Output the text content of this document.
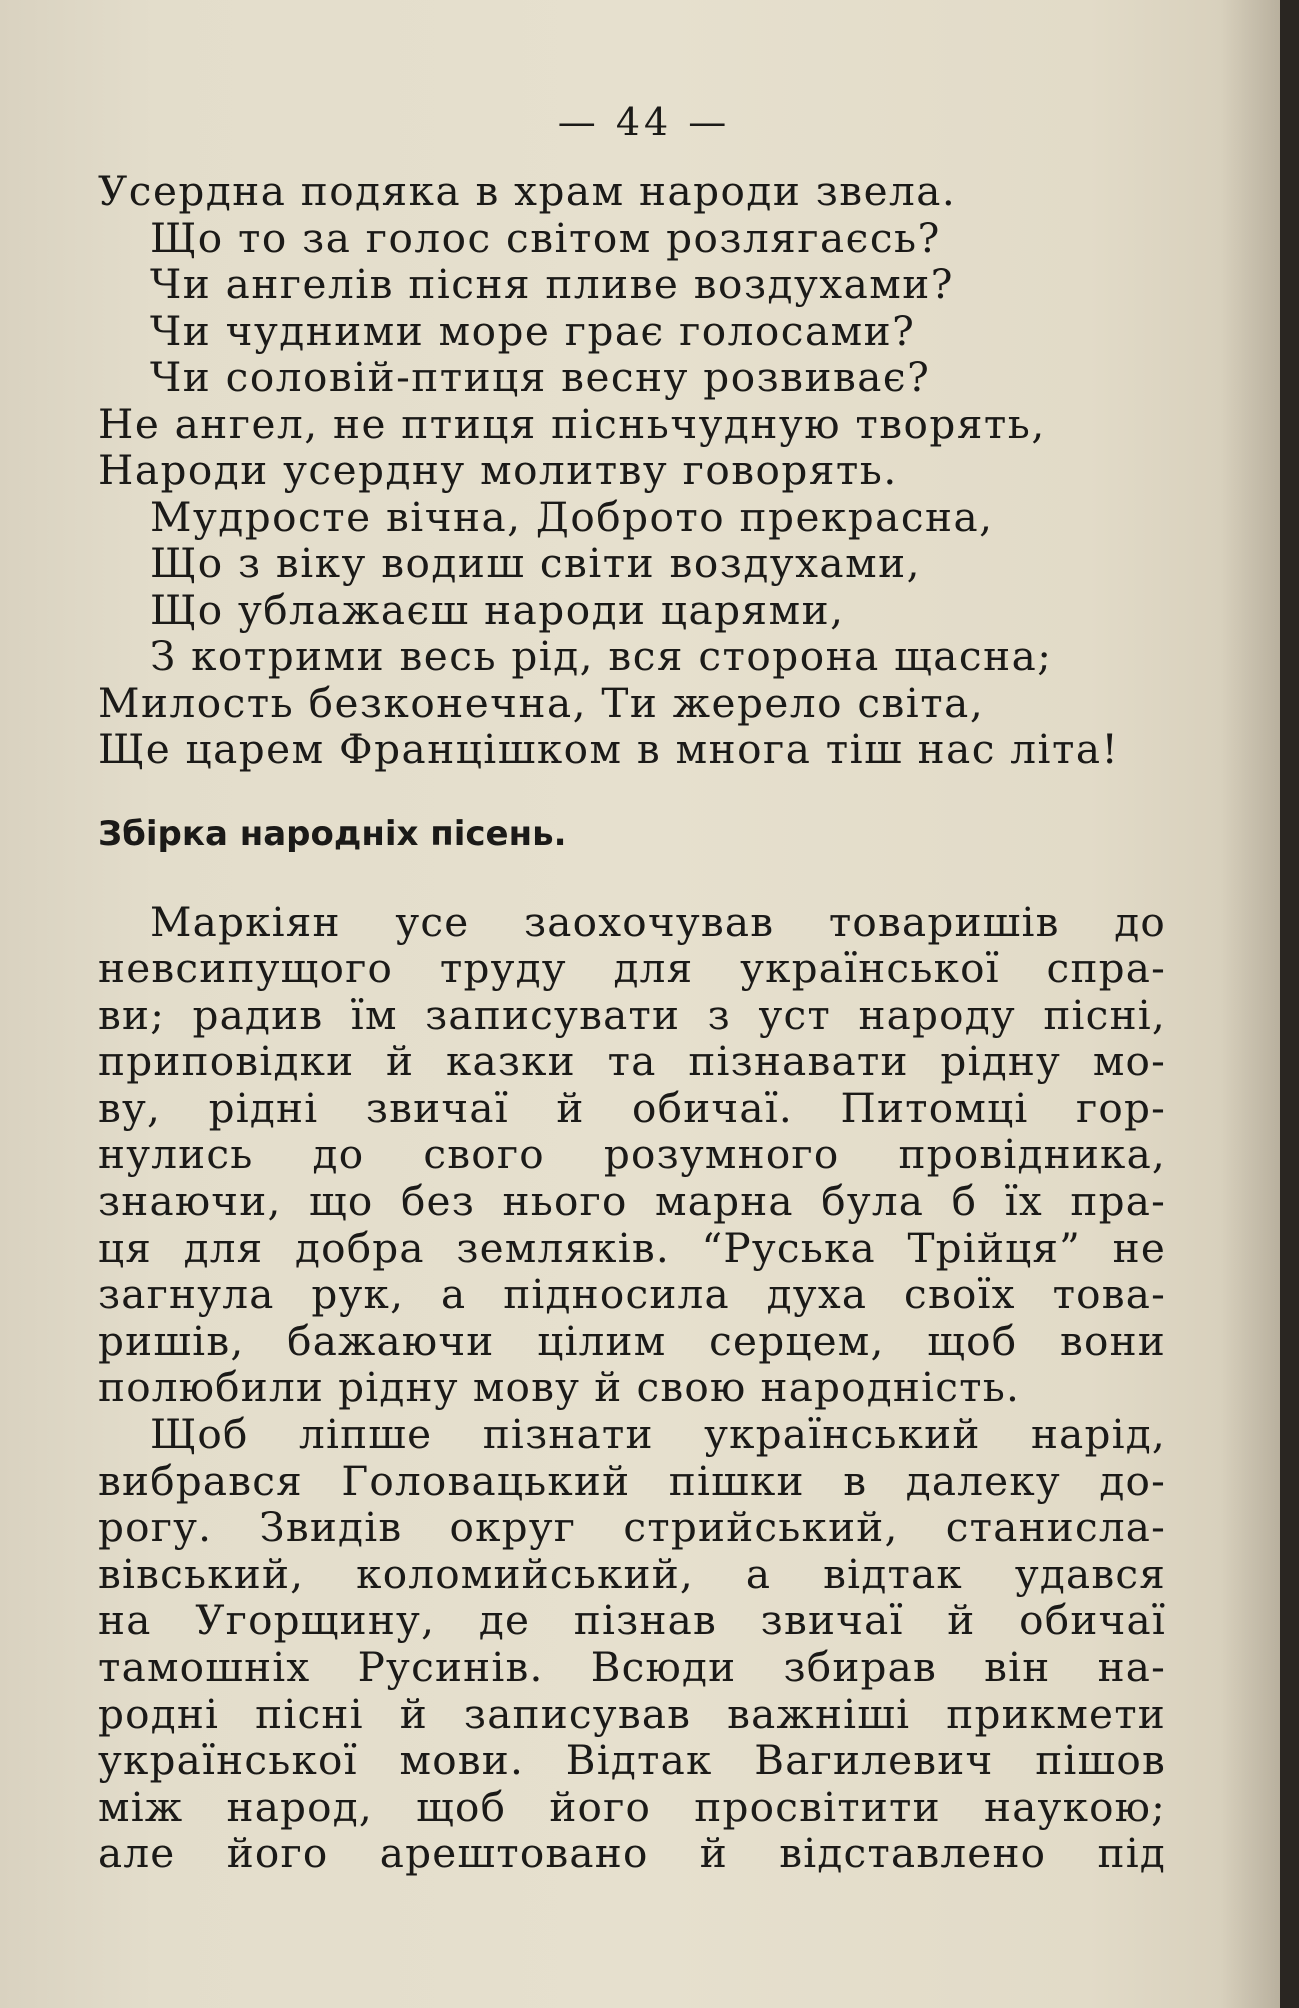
— 44 —
Усердна подяка в храм народи звела.
Що то за голос світом розлягаєсь?
Чи ангелів пісня пливе воздухами?
Чи чудними море грає голосами?
Чи соловій-птиця весну розвиває?
Не ангел, не птиця пісньчудную творять,
Народи усердну молитву говорять.
Мудросте вічна, Доброто прекрасна,
Що з віку водиш світи воздухами,
Що ублажаєш народи царями,
З котрими весь рід, вся сторона щасна;
Милость безконечна, Ти жерело світа,
Ще царем Францішком в многа тіш нас літа!
Збірка народніх пісень.
Маркіян усе заохочував товаришів до
невсипущого труду для української спра-
ви; радив їм записувати з уст народу пісні,
приповідки й казки та пізнавати рідну мо-
ву, рідні звичаї й обичаї. Питомці гор-
нулись до свого розумного провідника,
знаючи, що без нього марна була б їх пра-
ця для добра земляків. “Руська Трійця” не
загнула рук, а підносила духа своїх това-
ришів, бажаючи цілим серцем, щоб вони
полюбили рідну мову й свою народність.
Щоб ліпше пізнати український нарід,
вибрався Головацький пішки в далеку до-
рогу. Звидів округ стрийський, станисла-
вівський, коломийський, а відтак удався
на Угорщину, де пізнав звичаї й обичаї
тамошніх Русинів. Всюди збирав він на-
родні пісні й записував важніші прикмети
української мови. Відтак Вагилевич пішов
між народ, щоб його просвітити наукою;
але його арештовано й відставлено під
